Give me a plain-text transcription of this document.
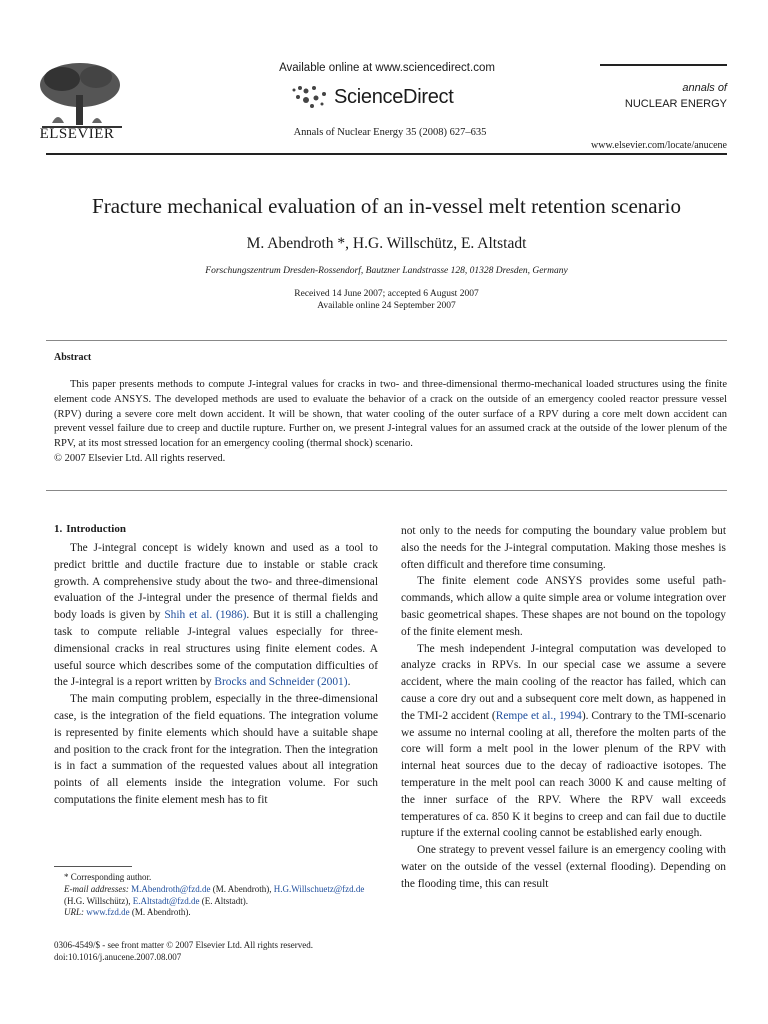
ELSEVIER
Available online at www.sciencedirect.com
ScienceDirect
Annals of Nuclear Energy 35 (2008) 627–635
annals of
NUCLEAR ENERGY
www.elsevier.com/locate/anucene
Fracture mechanical evaluation of an in-vessel melt retention scenario
M. Abendroth *, H.G. Willschütz, E. Altstadt
Forschungszentrum Dresden-Rossendorf, Bautzner Landstrasse 128, 01328 Dresden, Germany
Received 14 June 2007; accepted 6 August 2007
Available online 24 September 2007
Abstract

This paper presents methods to compute J-integral values for cracks in two- and three-dimensional thermo-mechanical loaded structures using the finite element code ANSYS. The developed methods are used to evaluate the behavior of a crack on the outside of an emergency cooled reactor pressure vessel (RPV) during a severe core melt down accident. It will be shown, that water cooling of the outer surface of a RPV during a core melt down accident can prevent vessel failure due to creep and ductile rupture. Further on, we present J-integral values for an assumed crack at the outside of the lower plenum of the RPV, at its most stressed location for an emergency cooling (thermal shock) scenario.

© 2007 Elsevier Ltd. All rights reserved.

1. Introduction

The J-integral concept is widely known and used as a tool to predict brittle and ductile fracture due to instable or stable crack growth. A comprehensive study about the two- and three-dimensional evaluation of the J-integral under the presence of thermal fields and body loads is given by Shih et al. (1986). But it is still a challenging task to compute reliable J-integral values especially for three-dimensional cracks in real structures using finite element codes. A useful source which describes some of the computation difficulties of the J-integral is a report written by Brocks and Schneider (2001).

The main computing problem, especially in the three-dimensional case, is the integration of the field equations. The integration volume is represented by finite elements which should have a suitable shape and position to the crack front for the integration. Then the integration is in fact a summation of the requested values about all integration points of all elements inside the integration volume. For such computations the finite element mesh has to fit

not only to the needs for computing the boundary value problem but also the needs for the J-integral computation. Making those meshes is often difficult and therefore time consuming.

The finite element code ANSYS provides some useful path-commands, which allow a quite simple area or volume integration over basic geometrical shapes. These shapes are not bound on the topology of the finite element mesh.

The mesh independent J-integral computation was developed to analyze cracks in RPVs. In our special case we assume a severe accident, where the main cooling of the reactor has failed, which can cause a core dry out and a subsequent core melt down, as happened in the TMI-2 accident (Rempe et al., 1994). Contrary to the TMI-scenario we assume no internal cooling at all, therefore the molten parts of the core will form a melt pool in the lower plenum of the RPV with internal heat sources due to the decay of radioactive isotopes. The temperature in the melt pool can reach 3000 K and cause melting of the inner surface of the RPV. Where the RPV wall exceeds temperatures of ca. 850 K it begins to creep and can fail due to ductile rupture if the external cooling cannot be established early enough.

One strategy to prevent vessel failure is an emergency cooling with water on the outside of the vessel (external flooding). Depending on the flooding time, this can result

* Corresponding author.
E-mail addresses: M.Abendroth@fzd.de (M. Abendroth), H.G.Willschuetz@fzd.de (H.G. Willschütz), E.Altstadt@fzd.de (E. Altstadt).
URL: www.fzd.de (M. Abendroth).
0306-4549/$ - see front matter © 2007 Elsevier Ltd. All rights reserved.
doi:10.1016/j.anucene.2007.08.007
